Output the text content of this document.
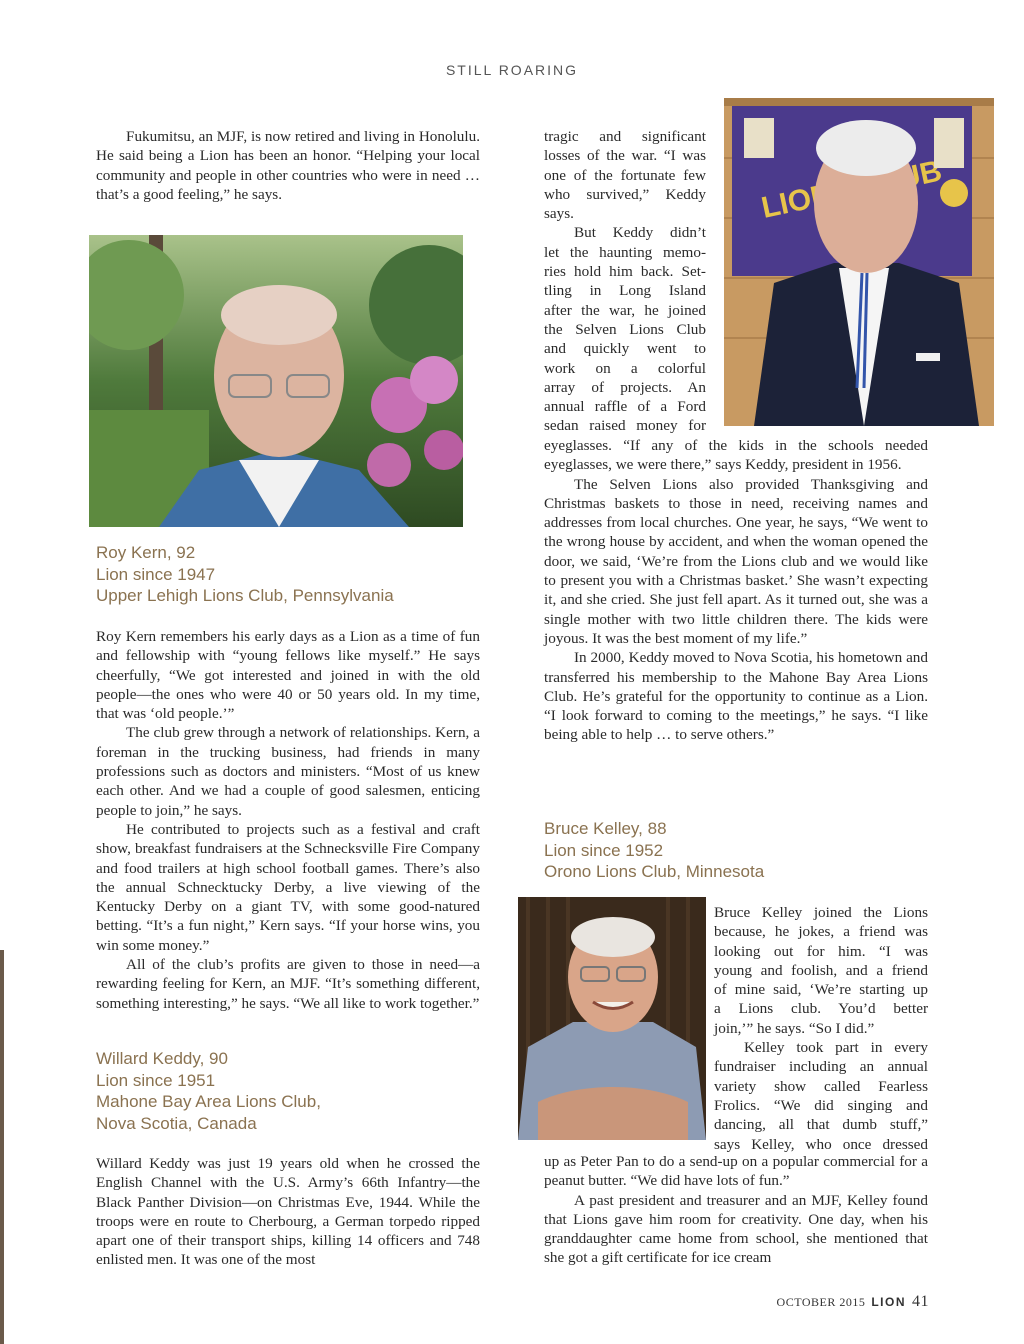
STILL ROARING

Fukumitsu, an MJF, is now retired and living in Honolulu. He said being a Lion has been an honor. “Helping your local community and people in other countries who were in need … that’s a good feeling,” he says.

Roy Kern, 92
Lion since 1947
Upper Lehigh Lions Club, Pennsylvania

Roy Kern remembers his early days as a Lion as a time of fun and fellowship with “young fellows like myself.” He says cheerfully, “We got interested and joined in with the old people—the ones who were 40 or 50 years old. In my time, that was ‘old people.’”

The club grew through a network of relationships. Kern, a foreman in the trucking business, had friends in many professions such as doctors and ministers. “Most of us knew each other. And we had a couple of good salesmen, enticing people to join,” he says.

He contributed to projects such as a festival and craft show, breakfast fundraisers at the Schnecksville Fire Company and food trailers at high school football games. There’s also the annual Schnecktucky Derby, a live viewing of the Kentucky Derby on a giant TV, with some good-natured betting. “It’s a fun night,” Kern says. “If your horse wins, you win some money.”

All of the club’s profits are given to those in need—a rewarding feeling for Kern, an MJF. “It’s something different, something interesting,” he says. “We all like to work together.”

Willard Keddy, 90
Lion since 1951
Mahone Bay Area Lions Club,
Nova Scotia, Canada

Willard Keddy was just 19 years old when he crossed the English Channel with the U.S. Army’s 66th Infantry—the Black Panther Division—on Christmas Eve, 1944. While the troops were en route to Cherbourg, a German torpedo ripped apart one of their transport ships, killing 14 officers and 748 enlisted men. It was one of the most

LIONS
tragic and significant
losses of the war. “I was
one of the fortunate few
who survived,” Keddy
says.
But Keddy didn’t
let the haunting memo-
ries hold him back. Set-
tling in Long Island
after the war, he joined
the Selven Lions Club
and quickly went to
work on a colorful
array of projects. An
annual raffle of a Ford
sedan raised money for

eyeglasses. “If any of the kids in the schools needed eyeglasses, we were there,” says Keddy, president in 1956.

The Selven Lions also provided Thanksgiving and Christmas baskets to those in need, receiving names and addresses from local churches. One year, he says, “We went to the wrong house by accident, and when the woman opened the door, we said, ‘We’re from the Lions club and we would like to present you with a Christmas basket.’ She wasn’t expecting it, and she cried. She just fell apart. As it turned out, she was a single mother with two little children there. The kids were joyous. It was the best moment of my life.”

In 2000, Keddy moved to Nova Scotia, his hometown and transferred his membership to the Mahone Bay Area Lions Club. He’s grateful for the opportunity to continue as a Lion. “I look forward to coming to the meetings,” he says. “I like being able to help … to serve others.”

Bruce Kelley, 88
Lion since 1952
Orono Lions Club, Minnesota
Bruce Kelley joined the Lions
because, he jokes, a friend was
looking out for him. “I was
young and foolish, and a friend
of mine said, ‘We’re starting up
a Lions club. You’d better
join,’” he says. “So I did.”
Kelley took part in every
fundraiser including an annual
variety show called Fearless
Frolics. “We did singing and
dancing, all that dumb stuff,”
says Kelley, who once dressed

up as Peter Pan to do a send-up on a popular commercial for a peanut butter. “We did have lots of fun.”

A past president and treasurer and an MJF, Kelley found that Lions gave him room for creativity. One day, when his granddaughter came home from school, she mentioned that she got a gift certificate for ice cream

OCTOBER 2015 LION 41
